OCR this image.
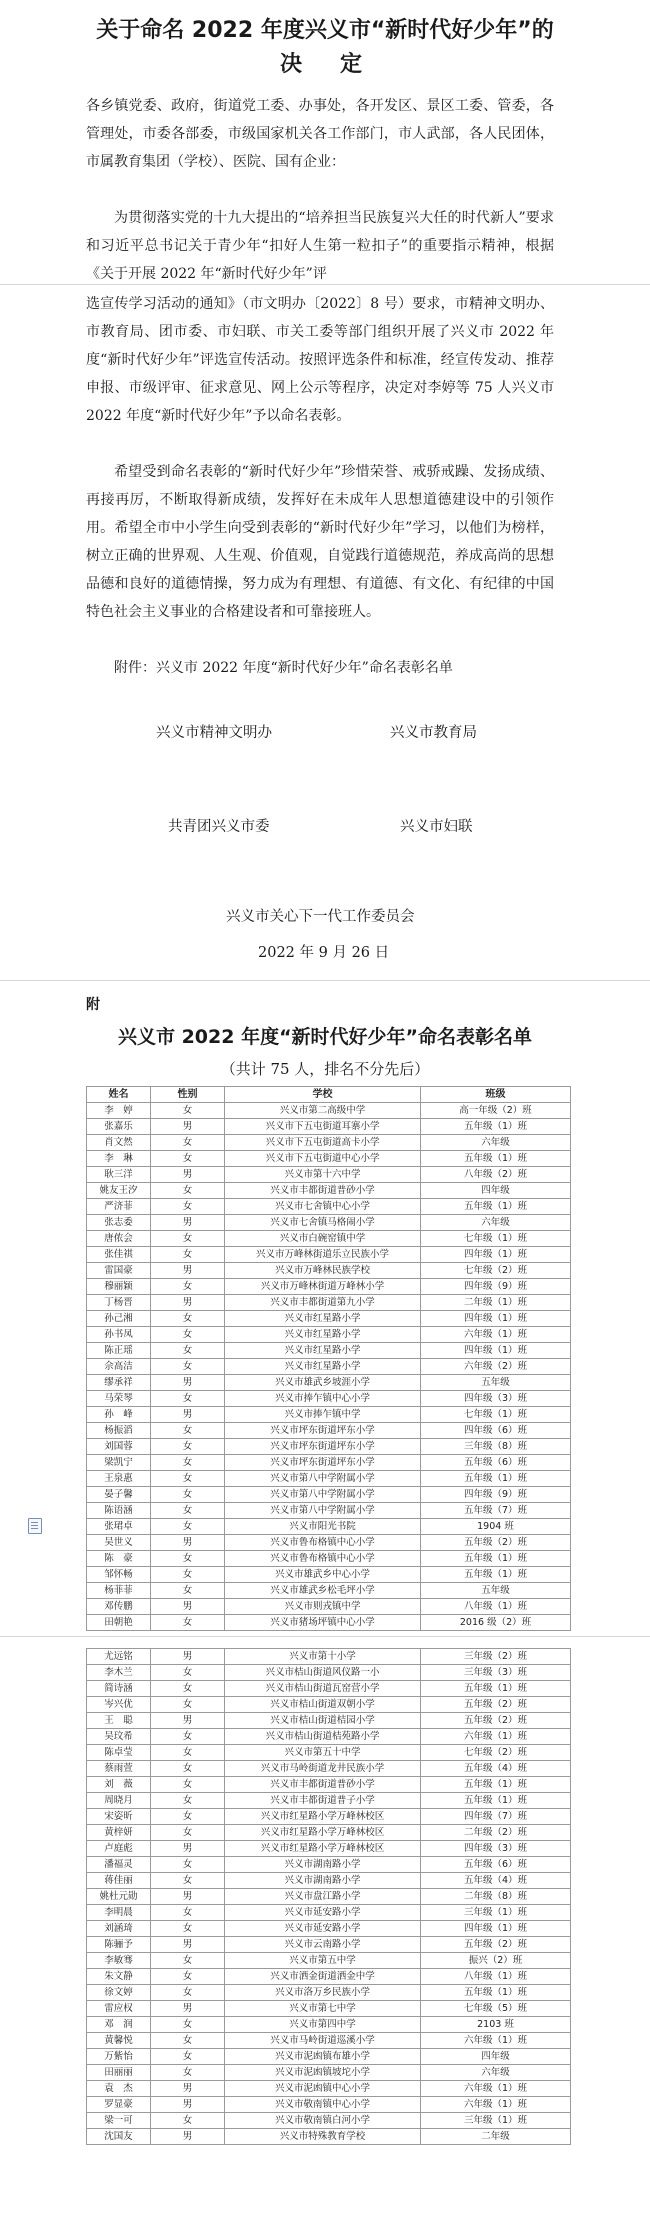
关于命名 2022 年度兴义市“新时代好少年”的
决　定

各乡镇党委、政府，街道党工委、办事处，各开发区、景区工委、管委，各管理处，市委各部委，市级国家机关各工作部门，市人武部，各人民团体，市属教育集团（学校）、医院、国有企业：

为贯彻落实党的十九大提出的“培养担当民族复兴大任的时代新人”要求和习近平总书记关于青少年“扣好人生第一粒扣子”的重要指示精神，根据《关于开展 2022 年“新时代好少年”评

选宣传学习活动的通知》（市文明办〔2022〕8 号）要求，市精神文明办、市教育局、团市委、市妇联、市关工委等部门组织开展了兴义市 2022 年度“新时代好少年”评选宣传活动。按照评选条件和标准，经宣传发动、推荐申报、市级评审、征求意见、网上公示等程序，决定对李婷等 75 人兴义市 2022 年度“新时代好少年”予以命名表彰。

希望受到命名表彰的“新时代好少年”珍惜荣誉、戒骄戒躁、发扬成绩、再接再厉，不断取得新成绩，发挥好在未成年人思想道德建设中的引领作用。希望全市中小学生向受到表彰的“新时代好少年”学习，以他们为榜样，树立正确的世界观、人生观、价值观，自觉践行道德规范，养成高尚的思想品德和良好的道德情操，努力成为有理想、有道德、有文化、有纪律的中国特色社会主义事业的合格建设者和可靠接班人。

附件：兴义市 2022 年度“新时代好少年”命名表彰名单

兴义市精神文明办	兴义市教育局
共青团兴义市委	兴义市妇联
兴义市关心下一代工作委员会
2022 年 9 月 26 日
附
兴义市 2022 年度“新时代好少年”命名表彰名单
（共计 75 人，排名不分先后）
姓名	性别	学校	班级
李　婷	女	兴义市第二高级中学	高一年级（2）班
张嘉乐	男	兴义市下五屯街道耳寨小学	五年级（1）班
肖文然	女	兴义市下五屯街道高卡小学	六年级
李　琳	女	兴义市下五屯街道中心小学	五年级（1）班
耿三洋	男	兴义市第十六中学	八年级（2）班
姚友王汐	女	兴义市丰都街道普砂小学	四年级
严济菲	女	兴义市七舍镇中心小学	五年级（1）班
张志委	男	兴义市七舍镇马格闹小学	六年级
唐侬会	女	兴义市白碗窑镇中学	七年级（1）班
张佳祺	女	兴义市万峰林街道乐立民族小学	四年级（1）班
雷国豪	男	兴义市万峰林民族学校	七年级（2）班
穆丽颖	女	兴义市万峰林街道万峰林小学	四年级（9）班
丁杨晋	男	兴义市丰都街道第九小学	二年级（1）班
孙己湘	女	兴义市红星路小学	四年级（1）班
孙书凤	女	兴义市红星路小学	六年级（1）班
陈正瑶	女	兴义市红星路小学	四年级（1）班
佘高洁	女	兴义市红星路小学	六年级（2）班
缪承祥	男	兴义市雄武乡坡涯小学	五年级
马荣琴	女	兴义市捧乍镇中心小学	四年级（3）班
孙　峰	男	兴义市捧乍镇中学	七年级（1）班
杨振滔	女	兴义市坪东街道坪东小学	四年级（6）班
刘国蓉	女	兴义市坪东街道坪东小学	三年级（8）班
梁凯宁	女	兴义市坪东街道坪东小学	五年级（6）班
王泉惠	女	兴义市第八中学附属小学	五年级（1）班
晏子馨	女	兴义市第八中学附属小学	四年级（9）班
陈语涵	女	兴义市第八中学附属小学	五年级（7）班
张珺卓	女	兴义市阳光书院	1904 班
吴世义	男	兴义市鲁布格镇中心小学	五年级（2）班
陈　豪	女	兴义市鲁布格镇中心小学	五年级（1）班
邹怀畅	女	兴义市雄武乡中心小学	五年级（1）班
杨菲菲	女	兴义市雄武乡松毛坪小学	五年级
邓传鹏	男	兴义市则戎镇中学	八年级（1）班
田朝艳	女	兴义市猪场坪镇中心小学	2016 级（2）班
尤远铭	男	兴义市第十小学	三年级（2）班
李木兰	女	兴义市桔山街道风仪路一小	三年级（3）班
简诗涵	女	兴义市桔山街道瓦窑营小学	五年级（1）班
岑兴优	女	兴义市桔山街道双朝小学	五年级（2）班
王　聪	男	兴义市桔山街道桔园小学	五年级（2）班
吴玟希	女	兴义市桔山街道桔苑路小学	六年级（1）班
陈卓莹	女	兴义市第五十中学	七年级（2）班
蔡雨萱	女	兴义市马岭街道龙井民族小学	五年级（4）班
刘　薇	女	兴义市丰都街道普砂小学	五年级（1）班
周晓月	女	兴义市丰都街道普子小学	五年级（1）班
宋姿昕	女	兴义市红星路小学万峰林校区	四年级（7）班
黄梓妍	女	兴义市红星路小学万峰林校区	二年级（2）班
卢庭彪	男	兴义市红星路小学万峰林校区	四年级（3）班
潘福灵	女	兴义市湖南路小学	五年级（6）班
蒋佳丽	女	兴义市湖南路小学	五年级（4）班
姚杜元勋	男	兴义市盘江路小学	二年级（8）班
李明晨	女	兴义市延安路小学	三年级（1）班
刘涵琦	女	兴义市延安路小学	四年级（1）班
陈骊予	男	兴义市云南路小学	五年级（2）班
李敏骞	女	兴义市第五中学	振兴（2）班
朱文静	女	兴义市洒金街道洒金中学	八年级（1）班
徐文婷	女	兴义市洛万乡民族小学	五年级（1）班
雷应权	男	兴义市第七中学	七年级（5）班
邓　润	女	兴义市第四中学	2103 班
黄馨悦	女	兴义市马岭街道巡溪小学	六年级（1）班
万紫怡	女	兴义市泥凼镇布雄小学	四年级
田丽丽	女	兴义市泥凼镇坡坨小学	六年级
袁　杰	男	兴义市泥凼镇中心小学	六年级（1）班
罗显豪	男	兴义市敬南镇中心小学	六年级（1）班
梁一可	女	兴义市敬南镇白河小学	三年级（1）班
沈国友	男	兴义市特殊教育学校	二年级
